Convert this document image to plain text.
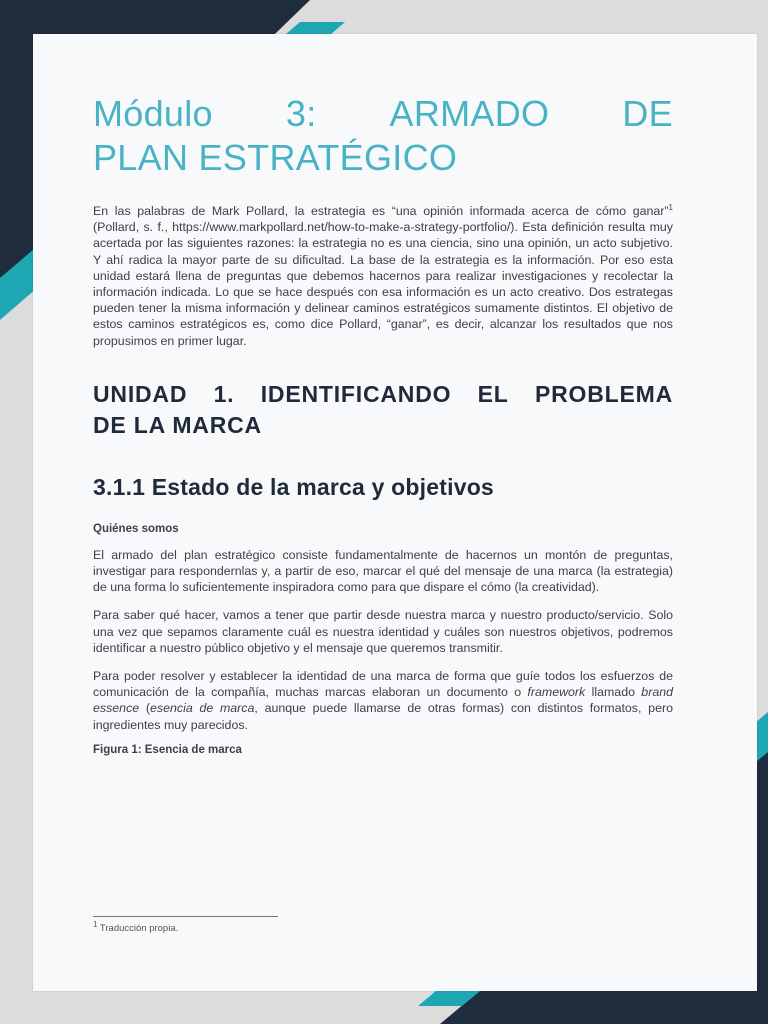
Módulo 3: ARMADO DE
PLAN ESTRATÉGICO

En las palabras de Mark Pollard, la estrategia es “una opinión informada acerca de cómo ganar”$^1$ (Pollard, s. f., https://www.markpollard.net/how-to-make-a-strategy-portfolio/). Esta definición resulta muy acertada por las siguientes razones: la estrategia no es una ciencia, sino una opinión, un acto subjetivo. Y ahí radica la mayor parte de su dificultad. La base de la estrategia es la información. Por eso esta unidad estará llena de preguntas que debemos hacernos para realizar investigaciones y recolectar la información indicada. Lo que se hace después con esa información es un acto creativo. Dos estrategas pueden tener la misma información y delinear caminos estratégicos sumamente distintos. El objetivo de estos caminos estratégicos es, como dice Pollard, “ganar”, es decir, alcanzar los resultados que nos propusimos en primer lugar.

UNIDAD 1. IDENTIFICANDO EL PROBLEMA
DE LA MARCA
3.1.1 Estado de la marca y objetivos
Quiénes somos

El armado del plan estratégico consiste fundamentalmente de hacernos un montón de preguntas, investigar para respondernlas y, a partir de eso, marcar el qué del mensaje de una marca (la estrategia) de una forma lo suficientemente inspiradora como para que dispare el cómo (la creatividad).

Para saber qué hacer, vamos a tener que partir desde nuestra marca y nuestro producto/servicio. Solo una vez que sepamos claramente cuál es nuestra identidad y cuáles son nuestros objetivos, podremos identificar a nuestro público objetivo y el mensaje que queremos transmitir.

Para poder resolver y establecer la identidad de una marca de forma que guíe todos los esfuerzos de comunicación de la compañía, muchas marcas elaboran un documento o framework llamado brand essence (esencia de marca, aunque puede llamarse de otras formas) con distintos formatos, pero ingredientes muy parecidos.

Figura 1: Esencia de marca

$^1$ Traducción propia.
